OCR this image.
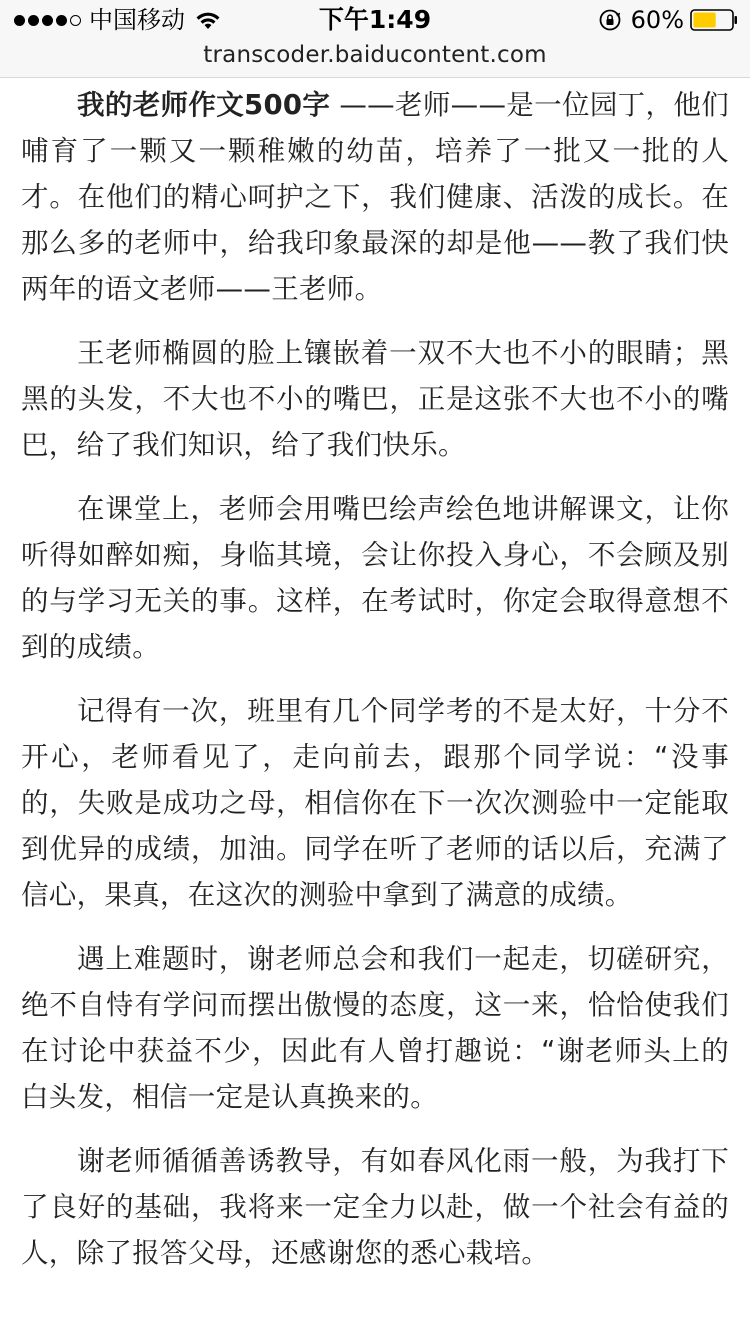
中国移动	下午1:49	60%
transcoder.baiducontent.com

我的老师作文500字 ——老师——是一位园丁，他们哺育了一颗又一颗稚嫩的幼苗，培养了一批又一批的人才。在他们的精心呵护之下，我们健康、活泼的成长。在那么多的老师中，给我印象最深的却是他——教了我们快两年的语文老师——王老师。

王老师椭圆的脸上镶嵌着一双不大也不小的眼睛；黑黑的头发，不大也不小的嘴巴，正是这张不大也不小的嘴巴，给了我们知识，给了我们快乐。

在课堂上，老师会用嘴巴绘声绘色地讲解课文，让你听得如醉如痴，身临其境，会让你投入身心，不会顾及别的与学习无关的事。这样，在考试时，你定会取得意想不到的成绩。

记得有一次，班里有几个同学考的不是太好，十分不开心，老师看见了，走向前去，跟那个同学说：“没事的，失败是成功之母，相信你在下一次次测验中一定能取到优异的成绩，加油。同学在听了老师的话以后，充满了信心，果真，在这次的测验中拿到了满意的成绩。

遇上难题时，谢老师总会和我们一起走，切磋研究，绝不自恃有学问而摆出傲慢的态度，这一来，恰恰使我们在讨论中获益不少，因此有人曾打趣说：“谢老师头上的白头发，相信一定是认真换来的。

谢老师循循善诱教导，有如春风化雨一般，为我打下了良好的基础，我将来一定全力以赴，做一个社会有益的人，除了报答父母，还感谢您的悉心栽培。
